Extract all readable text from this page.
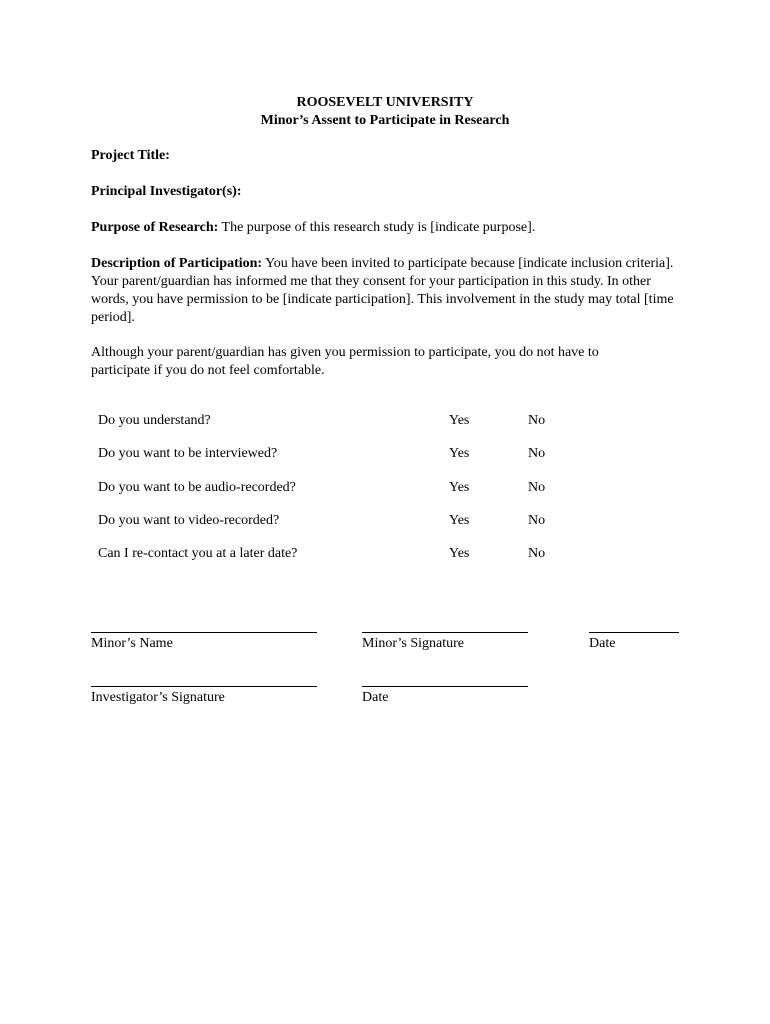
ROOSEVELT UNIVERSITY
Minor’s Assent to Participate in Research
Project Title:
Principal Investigator(s):
Purpose of Research: The purpose of this research study is [indicate purpose].
Description of Participation: You have been invited to participate because [indicate inclusion criteria]. Your parent/guardian has informed me that they consent for your participation in this study. In other words, you have permission to be [indicate participation]. This involvement in the study may total [time period].
Although your parent/guardian has given you permission to participate, you do not have to participate if you do not feel comfortable.
Do you understand?	Yes	No
Do you want to be interviewed?	Yes	No
Do you want to be audio-recorded?	Yes	No
Do you want to video-recorded?	Yes	No
Can I re-contact you at a later date?	Yes	No
Minor’s Name	Minor’s Signature	Date
Investigator’s Signature	Date
